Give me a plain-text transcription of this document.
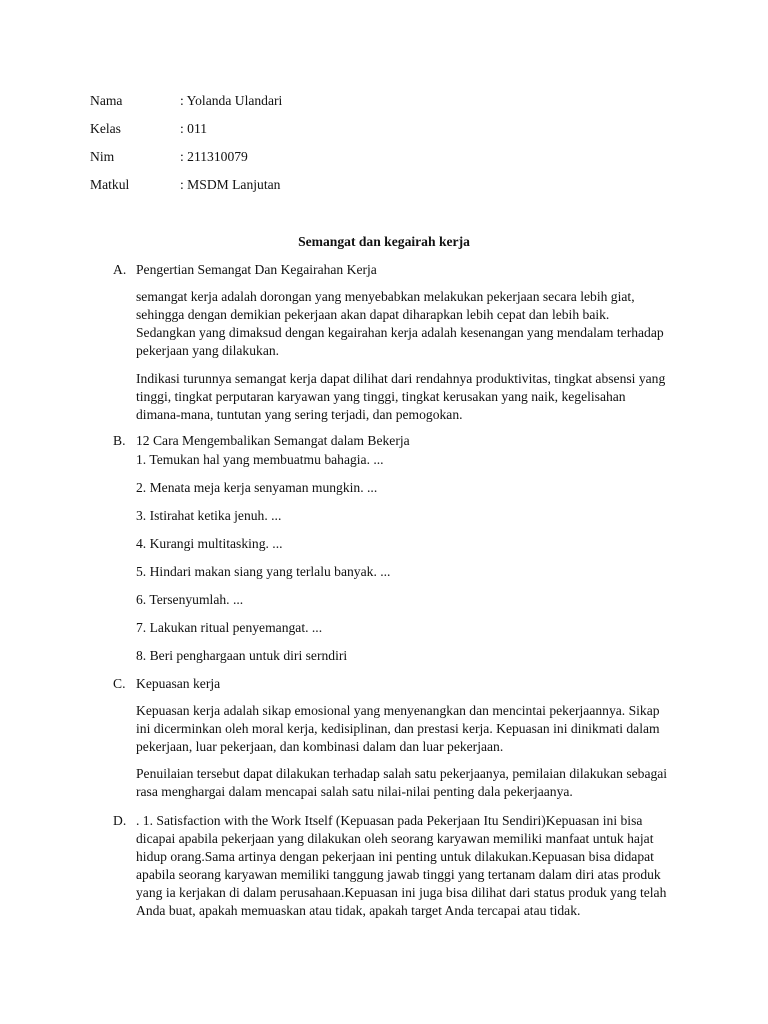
Nama	: Yolanda Ulandari
Kelas	: 011
Nim	: 211310079
Matkul	: MSDM Lanjutan
Semangat dan kegairah kerja
A. Pengertian Semangat Dan Kegairahan Kerja
semangat kerja adalah dorongan yang menyebabkan melakukan pekerjaan secara lebih giat,
sehingga dengan demikian pekerjaan akan dapat diharapkan lebih cepat dan lebih baik.
Sedangkan yang dimaksud dengan kegairahan kerja adalah kesenangan yang mendalam terhadap
pekerjaan yang dilakukan.
Indikasi turunnya semangat kerja dapat dilihat dari rendahnya produktivitas, tingkat absensi yang
tinggi, tingkat perputaran karyawan yang tinggi, tingkat kerusakan yang naik, kegelisahan
dimana-mana, tuntutan yang sering terjadi, dan pemogokan.
B. 12 Cara Mengembalikan Semangat dalam Bekerja
1. Temukan hal yang membuatmu bahagia. ...
2. Menata meja kerja senyaman mungkin. ...
3. Istirahat ketika jenuh. ...
4. Kurangi multitasking. ...
5. Hindari makan siang yang terlalu banyak. ...
6. Tersenyumlah. ...
7. Lakukan ritual penyemangat. ...
8. Beri penghargaan untuk diri serndiri
C. Kepuasan kerja
Kepuasan kerja adalah sikap emosional yang menyenangkan dan mencintai pekerjaannya. Sikap
ini dicerminkan oleh moral kerja, kedisiplinan, dan prestasi kerja. Kepuasan ini dinikmati dalam
pekerjaan, luar pekerjaan, dan kombinasi dalam dan luar pekerjaan.
Penuilaian tersebut dapat dilakukan terhadap salah satu pekerjaanya, pemilaian dilakukan sebagai
rasa menghargai dalam mencapai salah satu nilai-nilai penting dala pekerjaanya.
D. . 1. Satisfaction with the Work Itself (Kepuasan pada Pekerjaan Itu Sendiri)Kepuasan ini bisa
dicapai apabila pekerjaan yang dilakukan oleh seorang karyawan memiliki manfaat untuk hajat
hidup orang.Sama artinya dengan pekerjaan ini penting untuk dilakukan.Kepuasan bisa didapat
apabila seorang karyawan memiliki tanggung jawab tinggi yang tertanam dalam diri atas produk
yang ia kerjakan di dalam perusahaan.Kepuasan ini juga bisa dilihat dari status produk yang telah
Anda buat, apakah memuaskan atau tidak, apakah target Anda tercapai atau tidak.
